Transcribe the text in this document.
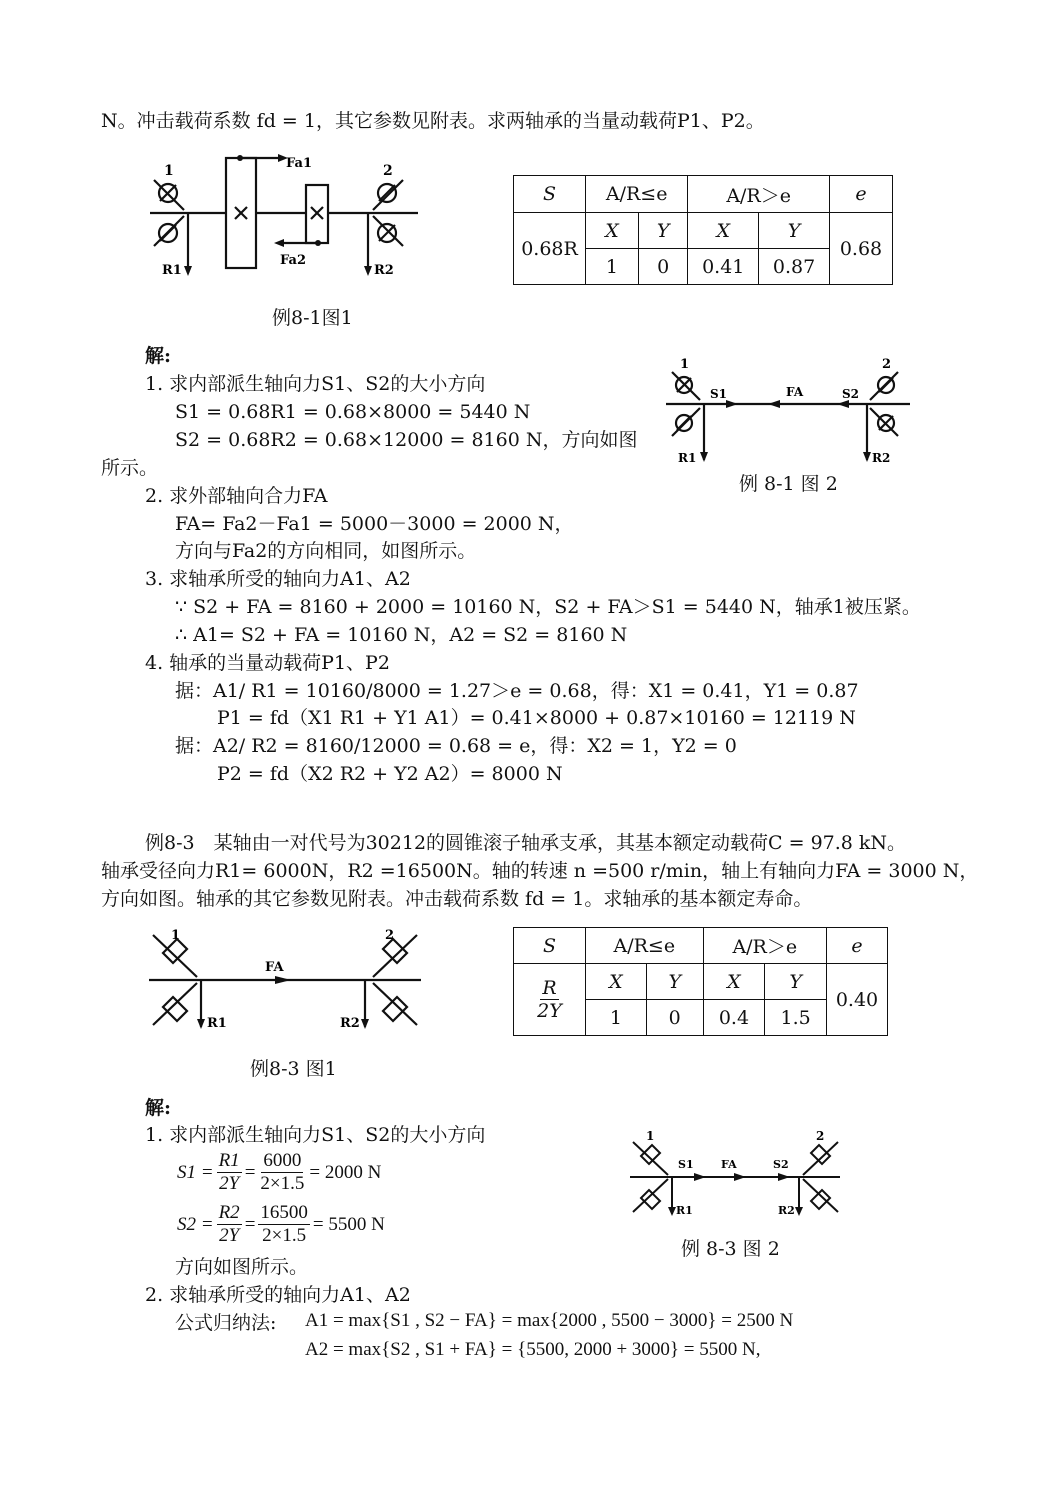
N。冲击载荷系数 fd = 1，其它参数见附表。求两轴承的当量动载荷P1、P2。
1	2
Fa1
Fa2
R1	R2
例8-1图1
S	A/R≤e		A/R＞e		e
0.68R	X	Y	X	Y	0.68
	1	0	0.41	0.87	
1	2
S1	FA	S2
R1	R2
例 8-1 图 2
解:
1. 求内部派生轴向力S1、S2的大小方向
S1 = 0.68R1 = 0.68×8000 = 5440 N
S2 = 0.68R2 = 0.68×12000 = 8160 N，方向如图
所示。
2. 求外部轴向合力FA
FA= Fa2－Fa1 = 5000－3000 = 2000 N，
方向与Fa2的方向相同，如图所示。
3. 求轴承所受的轴向力A1、A2
∵ S2 + FA = 8160 + 2000 = 10160 N，S2 + FA＞S1 = 5440 N，轴承1被压紧。
∴ A1= S2 + FA = 10160 N，A2 = S2 = 8160 N
4. 轴承的当量动载荷P1、P2
据：A1/ R1 = 10160/8000 = 1.27＞e = 0.68，得：X1 = 0.41，Y1 = 0.87
P1 = fd（X1 R1 + Y1 A1）= 0.41×8000 + 0.87×10160 = 12119 N
据：A2/ R2 = 8160/12000 = 0.68 = e，得：X2 = 1，Y2 = 0
P2 = fd（X2 R2 + Y2 A2）= 8000 N
例8-3　某轴由一对代号为30212的圆锥滚子轴承支承，其基本额定动载荷C = 97.8 kN。
轴承受径向力R1= 6000N，R2 =16500N。轴的转速 n =500 r/min，轴上有轴向力FA = 3000 N，
方向如图。轴承的其它参数见附表。冲击载荷系数 fd = 1。求轴承的基本额定寿命。
1	2
FA
R1	R2
例8-3 图1
S	A/R≤e		A/R＞e		e

$\frac{R}{2Y}$	X	Y	X	Y	0.40
	1	0	0.4	1.5	
1	2
S1 FA	S2
R1	R2
例 8-3 图 2
解:
1. 求内部派生轴向力S1、S2的大小方向
$S1 = \frac{R1}{2Y} = \frac{6000}{2\times 1.5} = 2000$ N
$S2 = \frac{R2}{2Y} = \frac{16500}{2\times 1.5} = 5500$ N
方向如图所示。
2. 求轴承所受的轴向力A1、A2
公式归纳法: A1 = max{S1 , S2 − FA} = max{2000 , 5500 − 3000} = 2500 N
A2 = max{S2 , S1 + FA} = {5500, 2000 + 3000} = 5500 N,
